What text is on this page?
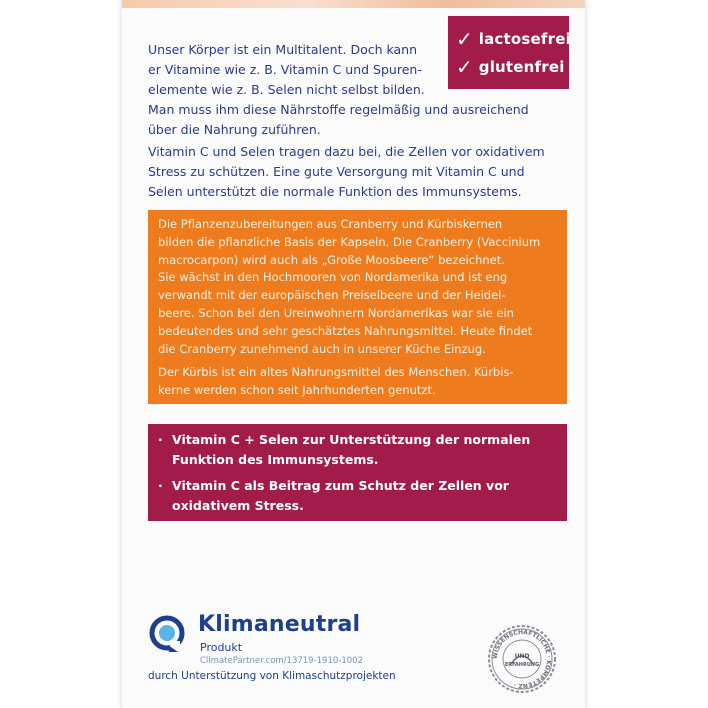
✓ lactosefrei
✓ glutenfrei
Unser Körper ist ein Multitalent. Doch kann
er Vitamine wie z. B. Vitamin C und Spuren-
elemente wie z. B. Selen nicht selbst bilden.
Man muss ihm diese Nährstoffe regelmäßig und ausreichend
über die Nahrung zuführen.
Vitamin C und Selen tragen dazu bei, die Zellen vor oxidativem
Stress zu schützen. Eine gute Versorgung mit Vitamin C und
Selen unterstützt die normale Funktion des Immunsystems.
Die Pflanzenzubereitungen aus Cranberry und Kürbiskernen
bilden die pflanzliche Basis der Kapseln. Die Cranberry (Vaccinium
macrocarpon) wird auch als „Große Moosbeere“ bezeichnet.
Sie wächst in den Hochmooren von Nordamerika und ist eng
verwandt mit der europäischen Preiselbeere und der Heidel-
beere. Schon bei den Ureinwohnern Nordamerikas war sie ein
bedeutendes und sehr geschätztes Nahrungsmittel. Heute findet
die Cranberry zunehmend auch in unserer Küche Einzug.
Der Kürbis ist ein altes Nahrungsmittel des Menschen. Kürbis-
kerne werden schon seit Jahrhunderten genutzt.
· Vitamin C + Selen zur Unterstützung der normalen
Funktion des Immunsystems.
· Vitamin C als Beitrag zum Schutz der Zellen vor
oxidativem Stress.
Klimaneutral
Produkt
ClimatePartner.com/13719-1910-1002
durch Unterstützung von Klimaschutzprojekten
WISSENSCHAFTLICHE · KOMPETENZ ·
UND
ERFAHRUNG
